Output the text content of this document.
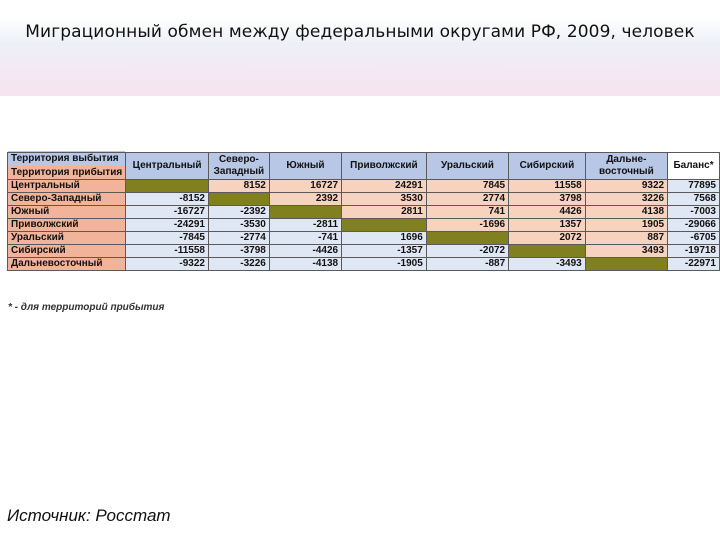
Миграционный обмен между федеральными округами РФ, 2009, человек
Территория выбытия
Территория прибытия	Центральный	Северо-
Западный	Южный	Приволжский	Уральский	Сибирский	Дальне-
восточный	Баланс*
Центральный		8152	16727	24291	7845	11558	9322	77895
Северо-Западный	-8152		2392	3530	2774	3798	3226	7568
Южный	-16727	-2392		2811	741	4426	4138	-7003
Приволжский	-24291	-3530	-2811		-1696	1357	1905	-29066
Уральский	-7845	-2774	-741	1696		2072	887	-6705
Сибирский	-11558	-3798	-4426	-1357	-2072		3493	-19718
Дальневосточный	-9322	-3226	-4138	-1905	-887	-3493		-22971
* - для территорий прибытия
Источник: Росстат
